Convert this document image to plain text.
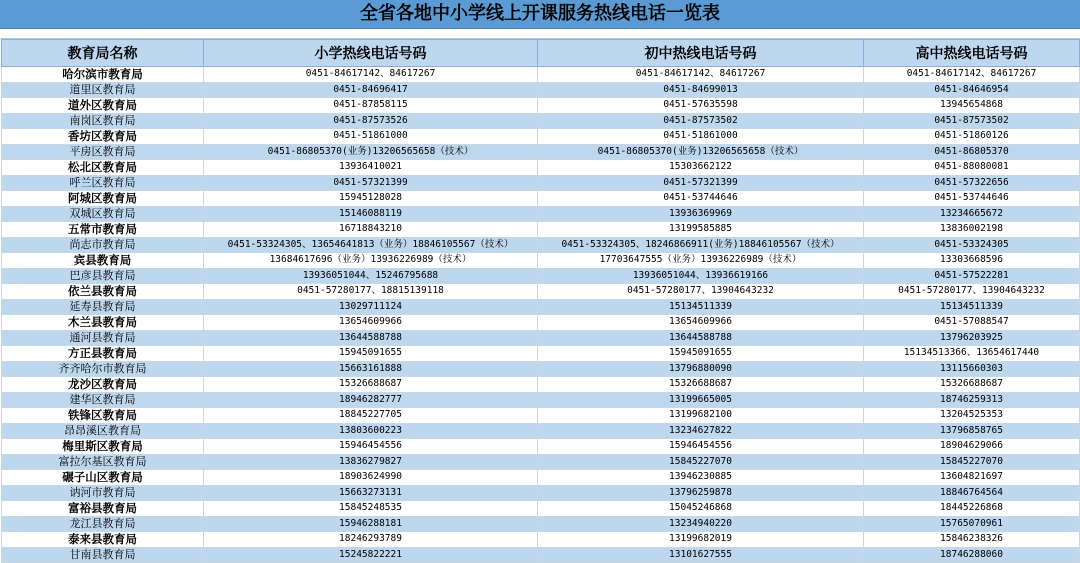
全省各地中小学线上开课服务热线电话一览表
教育局名称	小学热线电话号码	初中热线电话号码	高中热线电话号码
哈尔滨市教育局	0451-84617142、84617267	0451-84617142、84617267	0451-84617142、84617267
道里区教育局	0451-84696417	0451-84699013	0451-84646954
道外区教育局	0451-87858115	0451-57635598	13945654868
南岗区教育局	0451-87573526	0451-87573502	0451-87573502
香坊区教育局	0451-51861000	0451-51861000	0451-51860126
平房区教育局	0451-86805370(业务)13206565658（技术）	0451-86805370(业务)13206565658（技术）	0451-86805370
松北区教育局	13936410021	15303662122	0451-88080081
呼兰区教育局	0451-57321399	0451-57321399	0451-57322656
阿城区教育局	15945128028	0451-53744646	0451-53744646
双城区教育局	15146088119	13936369969	13234665672
五常市教育局	16718843210	13199585885	13836002198
尚志市教育局	0451-53324305、13654641813（业务）18846105567（技术）	0451-53324305、18246866911(业务)18846105567（技术）	0451-53324305
宾县教育局	13684617696（业务）13936226989（技术）	17703647555（业务）13936226989（技术）	13303668596
巴彦县教育局	13936051044、15246795688	13936051044、13936619166	0451-57522281
依兰县教育局	0451-57280177、18815139118	0451-57280177、13904643232	0451-57280177、13904643232
延寿县教育局	13029711124	15134511339	15134511339
木兰县教育局	13654609966	13654609966	0451-57088547
通河县教育局	13644588788	13644588788	13796203925
方正县教育局	15945091655	15945091655	15134513366、13654617440
齐齐哈尔市教育局	15663161888	13796880090	13115660303
龙沙区教育局	15326688687	15326688687	15326688687
建华区教育局	18946282777	13199665005	18746259313
铁锋区教育局	18845227705	13199682100	13204525353
昂昂溪区教育局	13803600223	13234627822	13796858765
梅里斯区教育局	15946454556	15946454556	18904629066
富拉尔基区教育局	13836279827	15845227070	15845227070
碾子山区教育局	18903624990	13946230885	13604821697
讷河市教育局	15663273131	13796259878	18846764564
富裕县教育局	15845248535	15045246868	18445226868
龙江县教育局	15946288181	13234940220	15765070961
泰来县教育局	18246293789	13199682019	15846238326
甘南县教育局	15245822221	13101627555	18746288060
